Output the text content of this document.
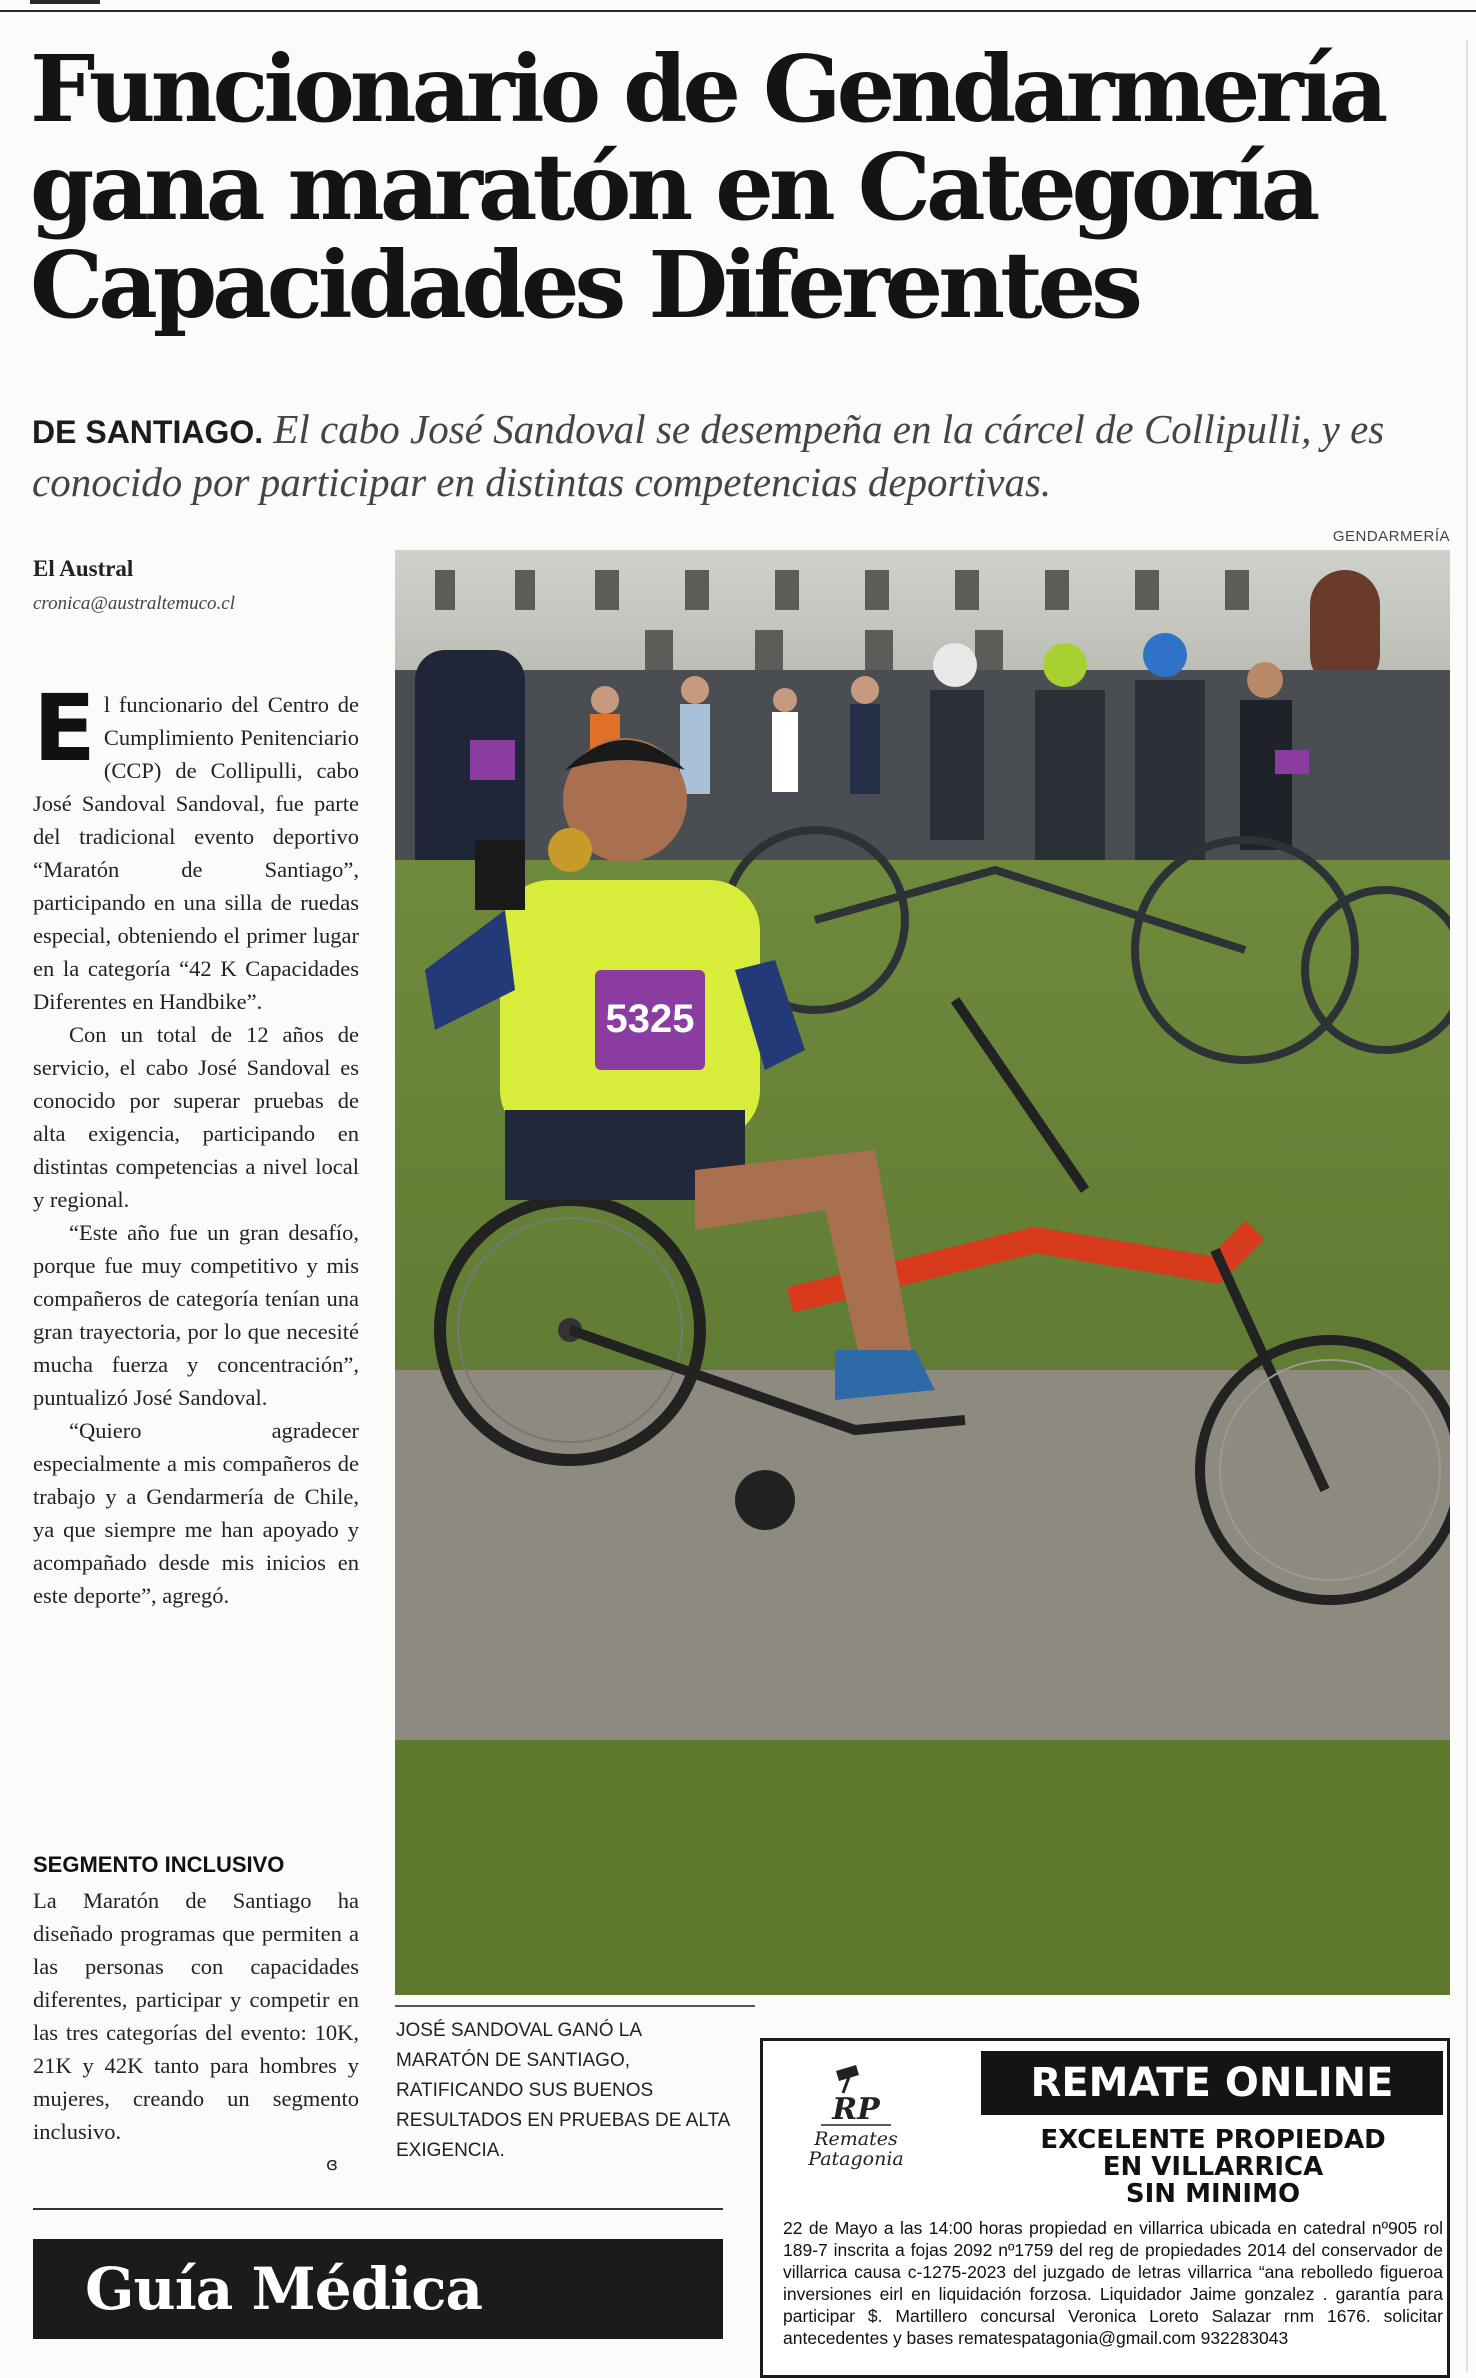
Funcionario de Gendarmería
gana maratón en Categoría
Capacidades Diferentes

DE SANTIAGO. El cabo José Sandoval se desempeña en la cárcel de Collipulli, y es conocido por participar en distintas competencias deportivas.

GENDARMERÍA
El Austral
cronica@australtemuco.cl

El funcionario del Centro de Cumplimiento Penitenciario (CCP) de Collipulli, cabo José Sandoval Sandoval, fue parte del tradicional evento deportivo “Maratón de Santiago”, participando en una silla de ruedas especial, obteniendo el primer lugar en la categoría “42 K Capacidades Diferentes en Handbike”.

Con un total de 12 años de servicio, el cabo José Sandoval es conocido por superar pruebas de alta exigencia, participando en distintas competencias a nivel local y regional.

“Este año fue un gran desafío, porque fue muy competitivo y mis compañeros de categoría tenían una gran trayectoria, por lo que necesité mucha fuerza y concentración”, puntualizó José Sandoval.

“Quiero agradecer especialmente a mis compañeros de trabajo y a Gendarmería de Chile, ya que siempre me han apoyado y acompañado desde mis inicios en este deporte”, agregó.

SEGMENTO INCLUSIVO

La Maratón de Santiago ha diseñado programas que permiten a las personas con capacidades diferentes, participar y competir en las tres categorías del evento: 10K, 21K y 42K tanto para hombres y mujeres, creando un segmento inclusivo.

ɞ
5325
JOSÉ SANDOVAL GANÓ LA MARATÓN DE SANTIAGO, RATIFICANDO SUS BUENOS RESULTADOS EN PRUEBAS DE ALTA EXIGENCIA.
Guía Médica
REMATE ONLINE
RP
Remates
Patagonia
EXCELENTE PROPIEDAD
EN VILLARRICA
SIN MINIMO
22 de Mayo a las 14:00 horas propiedad en villarrica ubicada en catedral nº905 rol 189-7 inscrita a fojas 2092 nº1759 del reg de propiedades 2014 del conservador de villarrica causa c-1275-2023 del juzgado de letras villarrica “ana rebolledo figueroa inversiones eirl en liquidación forzosa. Liquidador Jaime gonzalez . garantía para participar $. Martillero concursal Veronica Loreto Salazar rnm 1676. solicitar antecedentes y bases rematespatagonia@gmail.com 932283043
